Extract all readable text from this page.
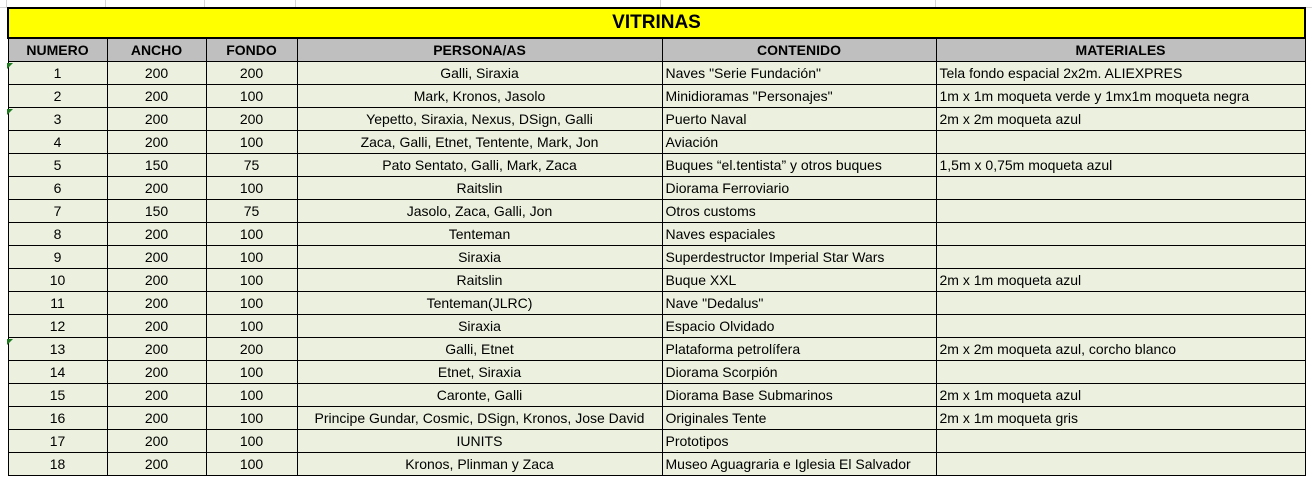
VITRINAS					
NUMERO	ANCHO	FONDO	PERSONA/AS	CONTENIDO	MATERIALES
1	200	200	Galli, Siraxia	Naves "Serie Fundación"	Tela fondo espacial 2x2m. ALIEXPRES
2	200	100	Mark, Kronos, Jasolo	Minidioramas "Personajes"	1m x 1m moqueta verde y 1mx1m moqueta negra
3	200	200	Yepetto, Siraxia, Nexus, DSign, Galli	Puerto Naval	2m x 2m moqueta azul
4	200	100	Zaca, Galli, Etnet, Tentente, Mark, Jon	Aviación	
5	150	75	Pato Sentato, Galli, Mark, Zaca	Buques “el.tentista” y otros buques	1,5m x 0,75m moqueta azul
6	200	100	Raitslin	Diorama Ferroviario	
7	150	75	Jasolo, Zaca, Galli, Jon	Otros customs	
8	200	100	Tenteman	Naves espaciales	
9	200	100	Siraxia	Superdestructor Imperial Star Wars	
10	200	100	Raitslin	Buque XXL	2m x 1m moqueta azul
11	200	100	Tenteman(JLRC)	Nave "Dedalus"	
12	200	100	Siraxia	Espacio Olvidado	
13	200	200	Galli, Etnet	Plataforma petrolífera	2m x 2m moqueta azul, corcho blanco
14	200	100	Etnet, Siraxia	Diorama Scorpión	
15	200	100	Caronte, Galli	Diorama Base Submarinos	2m x 1m moqueta azul
16	200	100	Principe Gundar, Cosmic, DSign, Kronos, Jose David	Originales Tente	2m x 1m moqueta gris
17	200	100	IUNITS	Prototipos	
18	200	100	Kronos, Plinman y Zaca	Museo Aguagraria e Iglesia El Salvador	
